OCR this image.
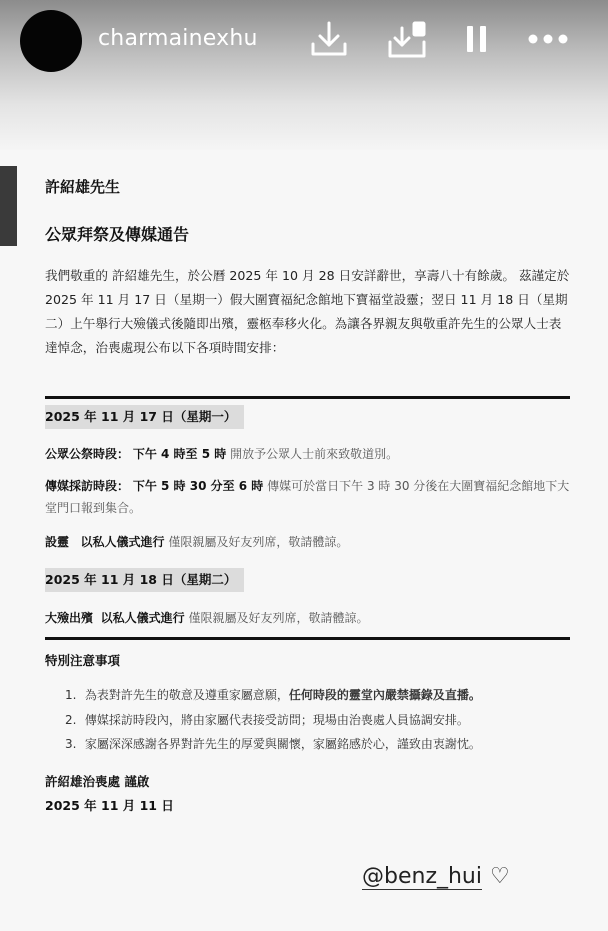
charmainexhu
許紹雄先生
公眾拜祭及傳媒通告
我們敬重的 許紹雄先生，於公曆 2025 年 10 月 28 日安詳辭世，享壽八十有餘歲。 茲謹定於 2025 年 11 月 17 日（星期一）假大圍寶福紀念館地下寶福堂設靈；翌日 11 月 18 日（星期二）上午舉行大殮儀式後隨即出殯，靈柩奉移火化。為讓各界親友與敬重許先生的公眾人士表達悼念，治喪處現公布以下各項時間安排：
2025 年 11 月 17 日（星期一）
公眾公祭時段： 下午 4 時至 5 時 開放予公眾人士前來致敬道別。
傳媒採訪時段： 下午 5 時 30 分至 6 時 傳媒可於當日下午 3 時 30 分後在大圍寶福紀念館地下大堂門口報到集合。
設靈 以私人儀式進行 僅限親屬及好友列席，敬請體諒。
2025 年 11 月 18 日（星期二）
大殮出殯 以私人儀式進行 僅限親屬及好友列席，敬請體諒。
特別注意事項
1. 為表對許先生的敬意及遵重家屬意願，任何時段的靈堂內嚴禁攝錄及直播。
2. 傳媒採訪時段內，將由家屬代表接受訪問；現場由治喪處人員協調安排。
3. 家屬深深感謝各界對許先生的厚愛與關懷，家屬銘感於心，謹致由衷謝忱。
許紹雄治喪處 謹啟
2025 年 11 月 11 日
@benz_hui ♡
